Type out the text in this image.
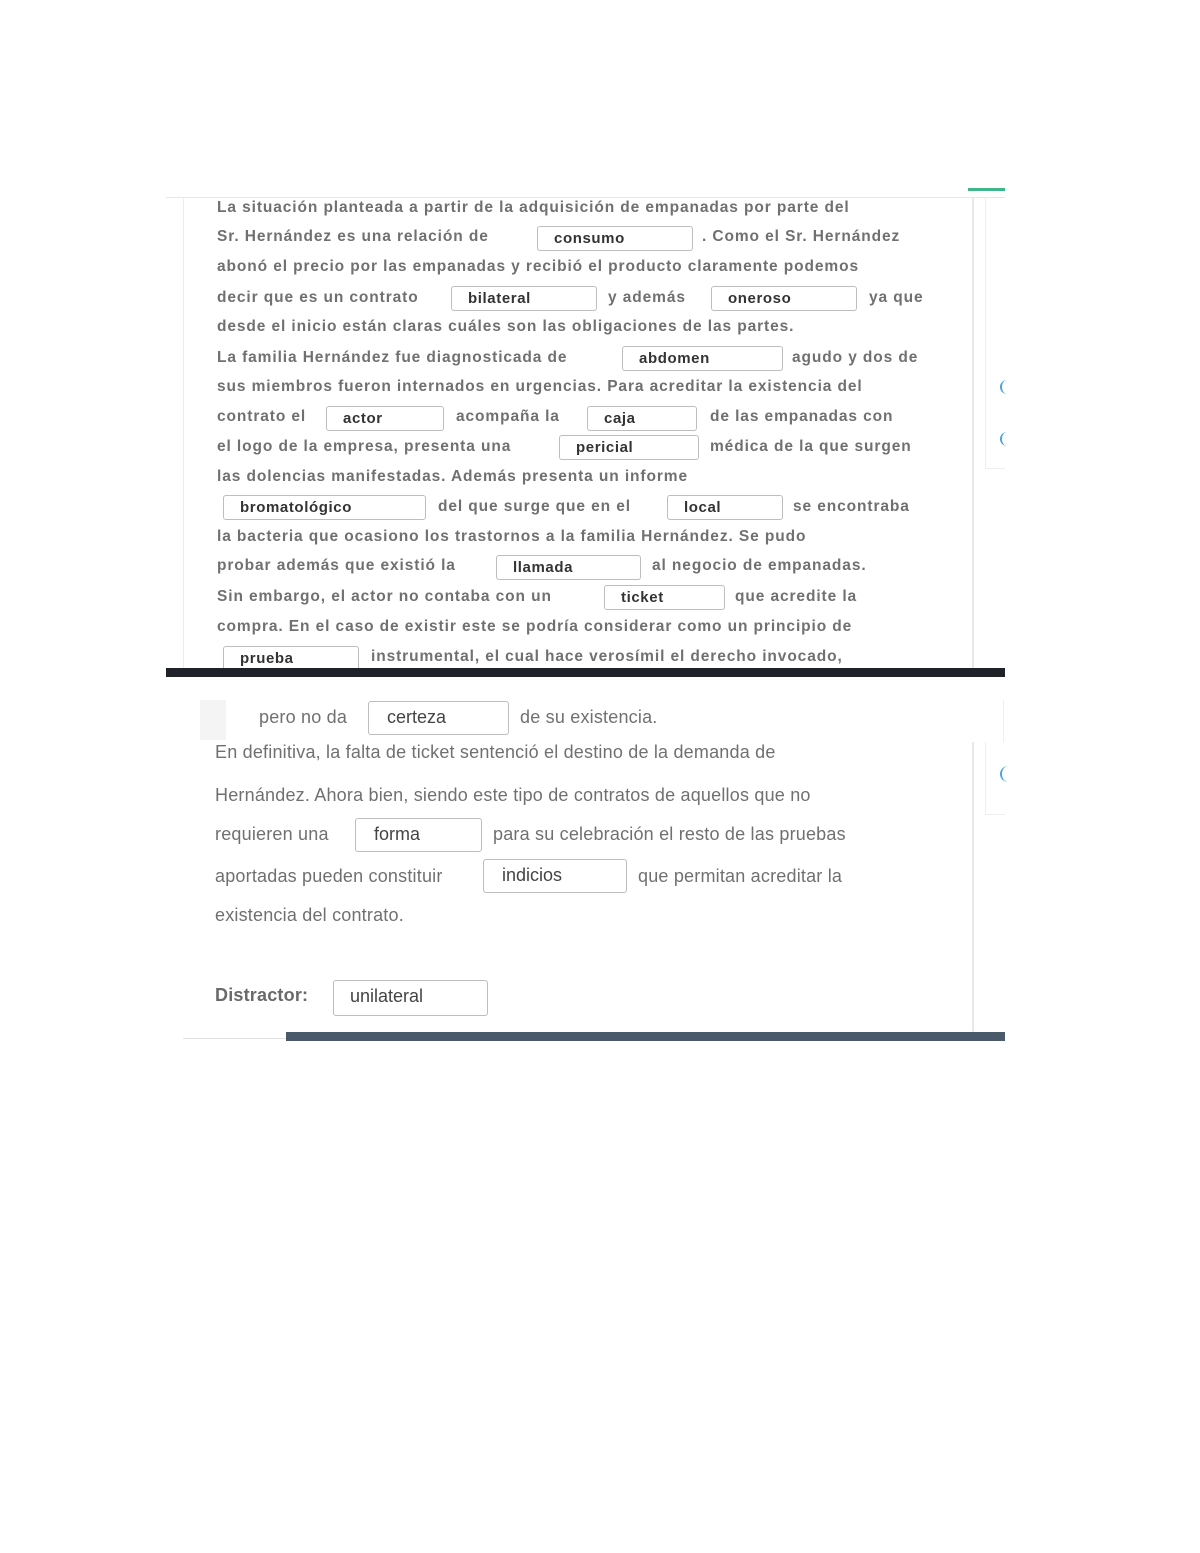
La situación planteada a partir de la adquisición de empanadas por parte del
Sr. Hernández es una relación de	consumo	. Como el Sr. Hernández
abonó el precio por las empanadas y recibió el producto claramente podemos
decir que es un contrato	bilateral	y además	oneroso	ya que
desde el inicio están claras cuáles son las obligaciones de las partes.
La familia Hernández fue diagnosticada de	abdomen	agudo y dos de
sus miembros fueron internados en urgencias. Para acreditar la existencia del
contrato el	actor	acompaña la	caja	de las empanadas con
el logo de la empresa, presenta una	pericial	médica de la que surgen
las dolencias manifestadas. Además presenta un informe
bromatológico	del que surge que en el	local	se encontraba
la bacteria que ocasiono los trastornos a la familia Hernández. Se pudo
probar además que existió la	llamada	al negocio de empanadas.
Sin embargo, el actor no contaba con un	ticket	que acredite la
compra. En el caso de existir este se podría considerar como un principio de
prueba	instrumental, el cual hace verosímil el derecho invocado,
pero no da	certeza	de su existencia.
En definitiva, la falta de ticket sentenció el destino de la demanda de
Hernández. Ahora bien, siendo este tipo de contratos de aquellos que no
requieren una	forma	para su celebración el resto de las pruebas
aportadas pueden constituir	indicios	que permitan acreditar la
existencia del contrato.
Distractor:	unilateral
